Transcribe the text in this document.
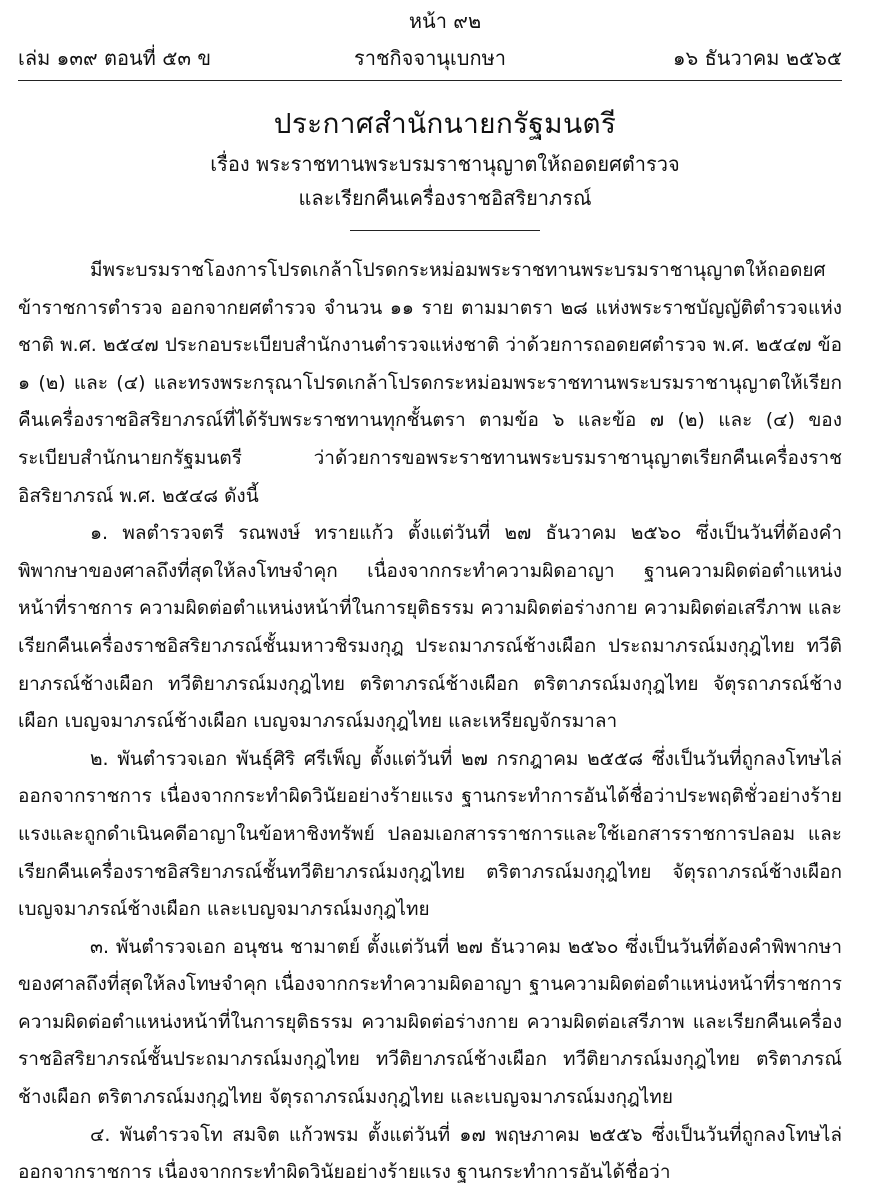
หน้า ๙๒
เล่ม ๑๓๙ ตอนที่ ๕๓ ข	ราชกิจจานุเบกษา	๑๖ ธันวาคม ๒๕๖๕
ประกาศสำนักนายกรัฐมนตรี
เรื่อง พระราชทานพระบรมราชานุญาตให้ถอดยศตำรวจ
และเรียกคืนเครื่องราชอิสริยาภรณ์

มีพระบรมราชโองการโปรดเกล้าโปรดกระหม่อมพระราชทานพระบรมราชานุญาตให้ถอดยศข้าราชการตำรวจ ออกจากยศตำรวจ จำนวน ๑๑ ราย ตามมาตรา ๒๘ แห่งพระราชบัญญัติตำรวจแห่งชาติ พ.ศ. ๒๕๔๗ ประกอบระเบียบสำนักงานตำรวจแห่งชาติ ว่าด้วยการถอดยศตำรวจ พ.ศ. ๒๕๔๗ ข้อ ๑ (๒) และ (๔) และทรงพระกรุณาโปรดเกล้าโปรดกระหม่อมพระราชทานพระบรมราชานุญาตให้เรียกคืนเครื่องราชอิสริยาภรณ์ที่ได้รับพระราชทานทุกชั้นตรา ตามข้อ ๖ และข้อ ๗ (๒) และ (๔) ของระเบียบสำนักนายกรัฐมนตรี ว่าด้วยการขอพระราชทานพระบรมราชานุญาตเรียกคืนเครื่องราชอิสริยาภรณ์ พ.ศ. ๒๕๔๘ ดังนี้

๑. พลตำรวจตรี รณพงษ์ ทรายแก้ว ตั้งแต่วันที่ ๒๗ ธันวาคม ๒๕๖๐ ซึ่งเป็นวันที่ต้องคำพิพากษาของศาลถึงที่สุดให้ลงโทษจำคุก เนื่องจากกระทำความผิดอาญา ฐานความผิดต่อตำแหน่งหน้าที่ราชการ ความผิดต่อตำแหน่งหน้าที่ในการยุติธรรม ความผิดต่อร่างกาย ความผิดต่อเสรีภาพ และเรียกคืนเครื่องราชอิสริยาภรณ์ชั้นมหาวชิรมงกุฎ ประถมาภรณ์ช้างเผือก ประถมาภรณ์มงกุฎไทย ทวีติยาภรณ์ช้างเผือก ทวีติยาภรณ์มงกุฎไทย ตริตาภรณ์ช้างเผือก ตริตาภรณ์มงกุฎไทย จัตุรถาภรณ์ช้างเผือก เบญจมาภรณ์ช้างเผือก เบญจมาภรณ์มงกุฎไทย และเหรียญจักรมาลา

๒. พันตำรวจเอก พันธุ์ศิริ ศรีเพ็ญ ตั้งแต่วันที่ ๒๗ กรกฎาคม ๒๕๕๘ ซึ่งเป็นวันที่ถูกลงโทษไล่ออกจากราชการ เนื่องจากกระทำผิดวินัยอย่างร้ายแรง ฐานกระทำการอันได้ชื่อว่าประพฤติชั่วอย่างร้ายแรงและถูกดำเนินคดีอาญาในข้อหาชิงทรัพย์ ปลอมเอกสารราชการและใช้เอกสารราชการปลอม และเรียกคืนเครื่องราชอิสริยาภรณ์ชั้นทวีติยาภรณ์มงกุฎไทย ตริตาภรณ์มงกุฎไทย จัตุรถาภรณ์ช้างเผือก เบญจมาภรณ์ช้างเผือก และเบญจมาภรณ์มงกุฎไทย

๓. พันตำรวจเอก อนุชน ชามาตย์ ตั้งแต่วันที่ ๒๗ ธันวาคม ๒๕๖๐ ซึ่งเป็นวันที่ต้องคำพิพากษาของศาลถึงที่สุดให้ลงโทษจำคุก เนื่องจากกระทำความผิดอาญา ฐานความผิดต่อตำแหน่งหน้าที่ราชการ ความผิดต่อตำแหน่งหน้าที่ในการยุติธรรม ความผิดต่อร่างกาย ความผิดต่อเสรีภาพ และเรียกคืนเครื่องราชอิสริยาภรณ์ชั้นประถมาภรณ์มงกุฎไทย ทวีติยาภรณ์ช้างเผือก ทวีติยาภรณ์มงกุฎไทย ตริตาภรณ์ช้างเผือก ตริตาภรณ์มงกุฎไทย จัตุรถาภรณ์มงกุฎไทย และเบญจมาภรณ์มงกุฎไทย

๔. พันตำรวจโท สมจิต แก้วพรม ตั้งแต่วันที่ ๑๗ พฤษภาคม ๒๕๕๖ ซึ่งเป็นวันที่ถูกลงโทษไล่ออกจากราชการ เนื่องจากกระทำผิดวินัยอย่างร้ายแรง ฐานกระทำการอันได้ชื่อว่า
